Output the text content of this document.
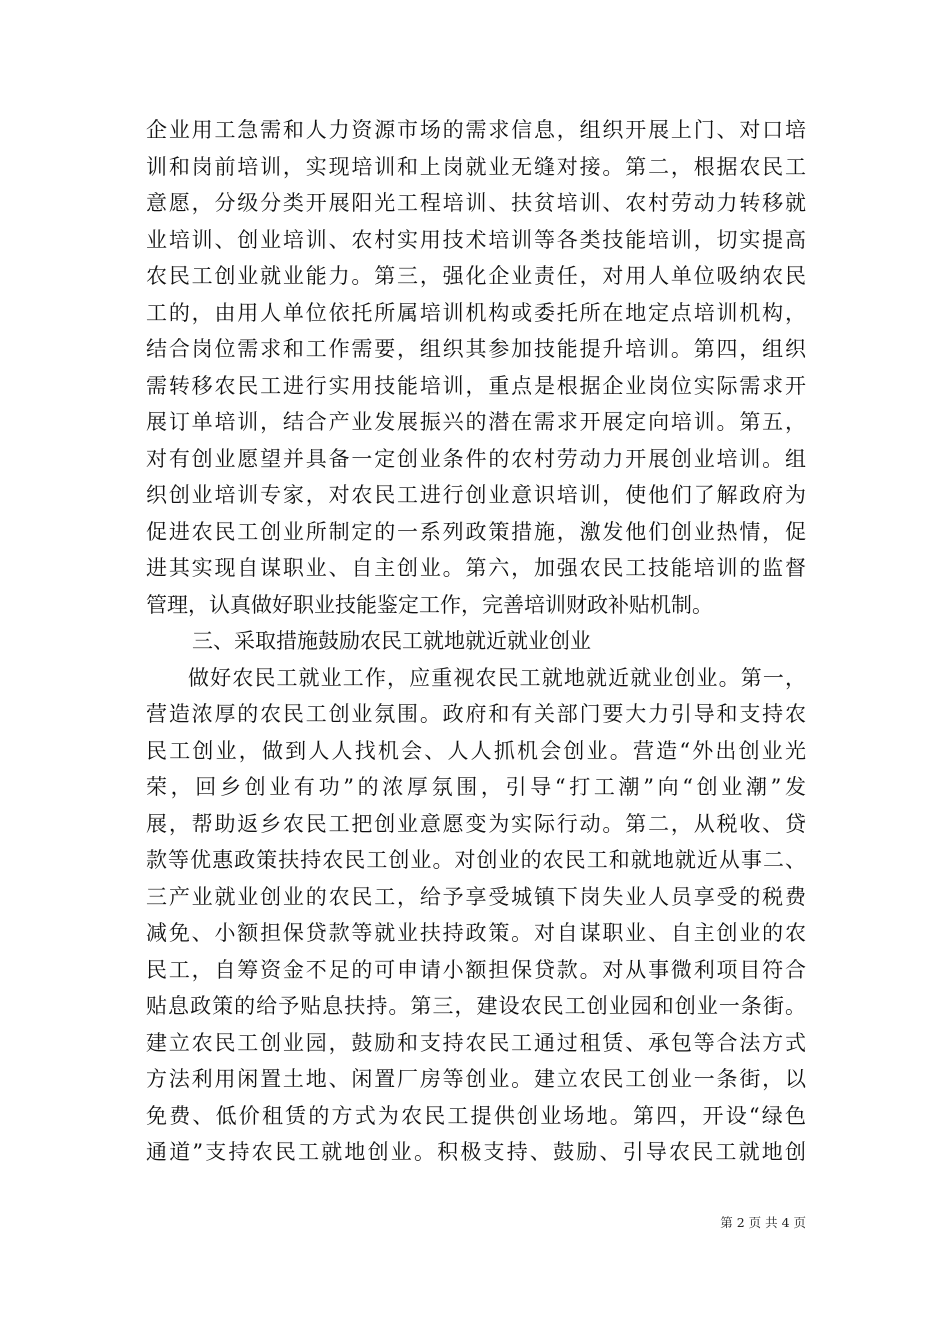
企业用工急需和人力资源市场的需求信息，组织开展上门、对口培
训和岗前培训，实现培训和上岗就业无缝对接。第二，根据农民工
意愿，分级分类开展阳光工程培训、扶贫培训、农村劳动力转移就
业培训、创业培训、农村实用技术培训等各类技能培训，切实提高
农民工创业就业能力。第三，强化企业责任，对用人单位吸纳农民
工的，由用人单位依托所属培训机构或委托所在地定点培训机构，
结合岗位需求和工作需要，组织其参加技能提升培训。第四，组织
需转移农民工进行实用技能培训，重点是根据企业岗位实际需求开
展订单培训，结合产业发展振兴的潜在需求开展定向培训。第五，
对有创业愿望并具备一定创业条件的农村劳动力开展创业培训。组
织创业培训专家，对农民工进行创业意识培训，使他们了解政府为
促进农民工创业所制定的一系列政策措施，激发他们创业热情，促
进其实现自谋职业、自主创业。第六，加强农民工技能培训的监督
管理，认真做好职业技能鉴定工作，完善培训财政补贴机制。
三、采取措施鼓励农民工就地就近就业创业
做好农民工就业工作，应重视农民工就地就近就业创业。第一，
营造浓厚的农民工创业氛围。政府和有关部门要大力引导和支持农
民工创业，做到人人找机会、人人抓机会创业。营造“外出创业光
荣，回乡创业有功”的浓厚氛围，引导“打工潮”向“创业潮”发
展，帮助返乡农民工把创业意愿变为实际行动。第二，从税收、贷
款等优惠政策扶持农民工创业。对创业的农民工和就地就近从事二、
三产业就业创业的农民工，给予享受城镇下岗失业人员享受的税费
减免、小额担保贷款等就业扶持政策。对自谋职业、自主创业的农
民工，自筹资金不足的可申请小额担保贷款。对从事微利项目符合
贴息政策的给予贴息扶持。第三，建设农民工创业园和创业一条街。
建立农民工创业园，鼓励和支持农民工通过租赁、承包等合法方式
方法利用闲置土地、闲置厂房等创业。建立农民工创业一条街，以
免费、低价租赁的方式为农民工提供创业场地。第四，开设“绿色
通道”支持农民工就地创业。积极支持、鼓励、引导农民工就地创
第 2 页 共 4 页
